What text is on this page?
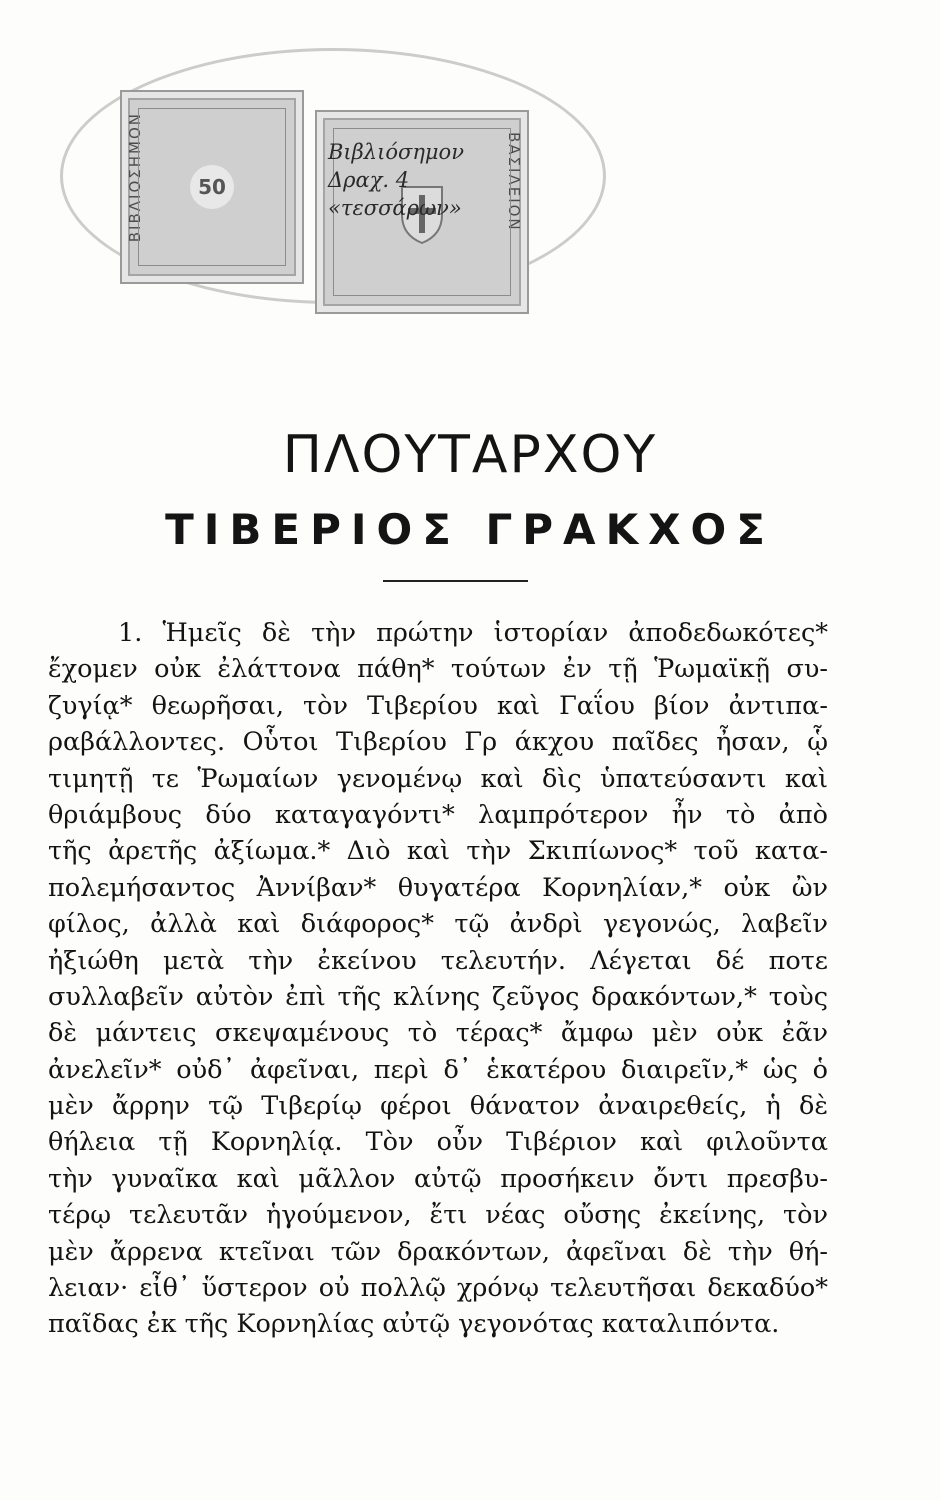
ΒΙΒΛΙΟΣΗΜΟΝ	50	ΒΑΣΙΛΕΙΟΝ
Βιβλιόσημον
Δραχ. 4
«τεσσάρων»
ΠΛΟΥΤΑΡΧΟΥ
ΤΙΒΕΡΙΟΣ ΓΡΑΚΧΟΣ
1. Ἡμεῖς δὲ τὴν πρώτην ἱστορίαν ἀποδεδωκότες*
ἔχομεν οὐκ ἐλάττονα πάθη* τούτων ἐν τῇ Ῥωμαϊκῇ συ-
ζυγίᾳ* θεωρῆσαι, τὸν Τιβερίου καὶ Γαΐου βίον ἀντιπα-
ραβάλλοντες. Οὗτοι Τιβερίου Γρ άκχου παῖδες ἦσαν, ᾧ
τιμητῇ τε Ῥωμαίων γενομένῳ καὶ δὶς ὑπατεύσαντι καὶ
θριάμβους δύο καταγαγόντι* λαμπρότερον ἦν τὸ ἀπὸ
τῆς ἀρετῆς ἀξίωμα.* Διὸ καὶ τὴν Σκιπίωνος* τοῦ κατα-
πολεμήσαντος Ἀννίβαν* θυγατέρα Κορνηλίαν,* οὐκ ὢν
φίλος, ἀλλὰ καὶ διάφορος* τῷ ἀνδρὶ γεγονώς, λαβεῖν
ἠξιώθη μετὰ τὴν ἐκείνου τελευτήν. Λέγεται δέ ποτε
συλλαβεῖν αὐτὸν ἐπὶ τῆς κλίνης ζεῦγος δρακόντων,* τοὺς
δὲ μάντεις σκεψαμένους τὸ τέρας* ἄμφω μὲν οὐκ ἐᾶν
ἀνελεῖν* οὐδ᾽ ἀφεῖναι, περὶ δ᾽ ἑκατέρου διαιρεῖν,* ὡς ὁ
μὲν ἄρρην τῷ Τιβερίῳ φέροι θάνατον ἀναιρεθείς, ἡ δὲ
θήλεια τῇ Κορνηλίᾳ. Τὸν οὖν Τιβέριον καὶ φιλοῦντα
τὴν γυναῖκα καὶ μᾶλλον αὐτῷ προσήκειν ὄντι πρεσβυ-
τέρῳ τελευτᾶν ἡγούμενον, ἔτι νέας οὔσης ἐκείνης, τὸν
μὲν ἄρρενα κτεῖναι τῶν δρακόντων, ἀφεῖναι δὲ τὴν θή-
λειαν· εἶθ᾽ ὕστερον οὐ πολλῷ χρόνῳ τελευτῆσαι δεκαδύο*
παῖδας ἐκ τῆς Κορνηλίας αὐτῷ γεγονότας καταλιπόντα.
